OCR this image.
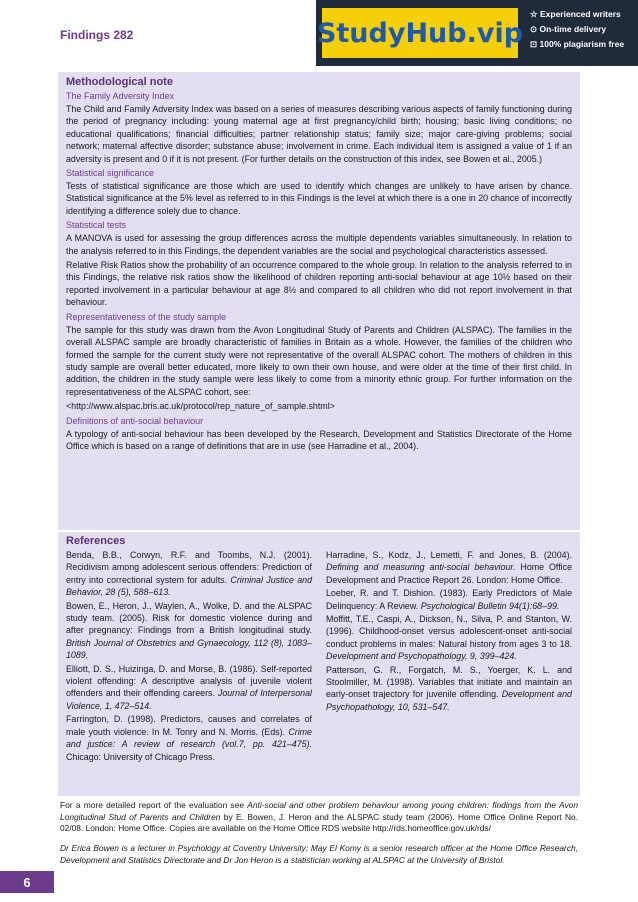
Findings 282	StudyHub.vip
☆ Experienced writers
⊙ On-time delivery
⊡ 100% plagiarism free
Methodological note
The Family Adversity Index

The Child and Family Adversity Index was based on a series of measures describing various aspects of family functioning during the period of pregnancy including: young maternal age at first pregnancy/child birth; housing; basic living conditions; no educational qualifications; financial difficulties; partner relationship status; family size; major care-giving problems; social network; maternal affective disorder; substance abuse; involvement in crime. Each individual item is assigned a value of 1 if an adversity is present and 0 if it is not present. (For further details on the construction of this index, see Bowen et al., 2005.)

Statistical significance

Tests of statistical significance are those which are used to identify which changes are unlikely to have arisen by chance. Statistical significance at the 5% level as referred to in this Findings is the level at which there is a one in 20 chance of incorrectly identifying a difference solely due to chance.

Statistical tests

A MANOVA is used for assessing the group differences across the multiple dependents variables simultaneously. In relation to the analysis referred to in this Findings, the dependent variables are the social and psychological characteristics assessed.

Relative Risk Ratios show the probability of an occurrence compared to the whole group. In relation to the analysis referred to in this Findings, the relative risk ratios show the likelihood of children reporting anti-social behaviour at age 10½ based on their reported involvement in a particular behaviour at age 8½ and compared to all children who did not report involvement in that behaviour.

Representativeness of the study sample

The sample for this study was drawn from the Avon Longitudinal Study of Parents and Children (ALSPAC). The families in the overall ALSPAC sample are broadly characteristic of families in Britain as a whole. However, the families of the children who formed the sample for the current study were not representative of the overall ALSPAC cohort. The mothers of children in this study sample are overall better educated, more likely to own their own house, and were older at the time of their first child. In addition, the children in the study sample were less likely to come from a minority ethnic group. For further information on the representativeness of the ALSPAC cohort, see:

<http://www.alspac.bris.ac.uk/protocol/rep_nature_of_sample.shtml>

Definitions of anti-social behaviour

A typology of anti-social behaviour has been developed by the Research, Development and Statistics Directorate of the Home Office which is based on a range of definitions that are in use (see Harradine et al., 2004).

References

Benda, B.B., Corwyn, R.F. and Toombs, N.J. (2001). Recidivism among adolescent serious offenders: Prediction of entry into correctional system for adults. Criminal Justice and Behavior, 28 (5), 588–613.

Bowen, E., Heron, J., Waylen, A., Wolke, D. and the ALSPAC study team. (2005). Risk for domestic violence during and after pregnancy: Findings from a British longitudinal study. British Journal of Obstetrics and Gynaecology, 112 (8), 1083–1089.

Elliott, D. S., Huizinga, D. and Morse, B. (1986). Self-reported violent offending: A descriptive analysis of juvenile violent offenders and their offending careers. Journal of Interpersonal Violence, 1, 472–514.

Farrington, D. (1998). Predictors, causes and correlates of male youth violence. In M. Tonry and N. Morris. (Eds). Crime and justice: A review of research (vol.7, pp. 421–475). Chicago: University of Chicago Press.

Harradine, S., Kodz, J., Lemetti, F. and Jones, B. (2004). Defining and measuring anti-social behaviour. Home Office Development and Practice Report 26. London: Home Office.

Loeber, R. and T. Dishion. (1983). Early Predictors of Male Delinquency: A Review. Psychological Bulletin 94(1):68–99.

Moffitt, T.E., Caspi, A., Dickson, N., Silva, P. and Stanton, W. (1996). Childhood-onset versus adolescent-onset anti-social conduct problems in males: Natural history from ages 3 to 18. Development and Psychopathology, 9, 399–424.

Patterson, G. R., Forgatch, M. S., Yoerger, K. L. and Stoolmiller, M. (1998). Variables that initiate and maintain an early-onset trajectory for juvenile offending. Development and Psychopathology, 10, 531–547.

For a more detailed report of the evaluation see Anti-social and other problem behaviour among young children: findings from the Avon Longitudinal Stud of Parents and Children by E. Bowen, J. Heron and the ALSPAC study team (2006). Home Office Online Report No. 02/08. London: Home Office. Copies are available on the Home Office RDS website http://rds.homeoffice.gov.uk/rds/
Dr Erica Bowen is a lecturer in Psychology at Coventry University; May El Komy is a senior research officer at the Home Office Research, Development and Statistics Directorate and Dr Jon Heron is a statistician working at ALSPAC at the University of Bristol.
6
